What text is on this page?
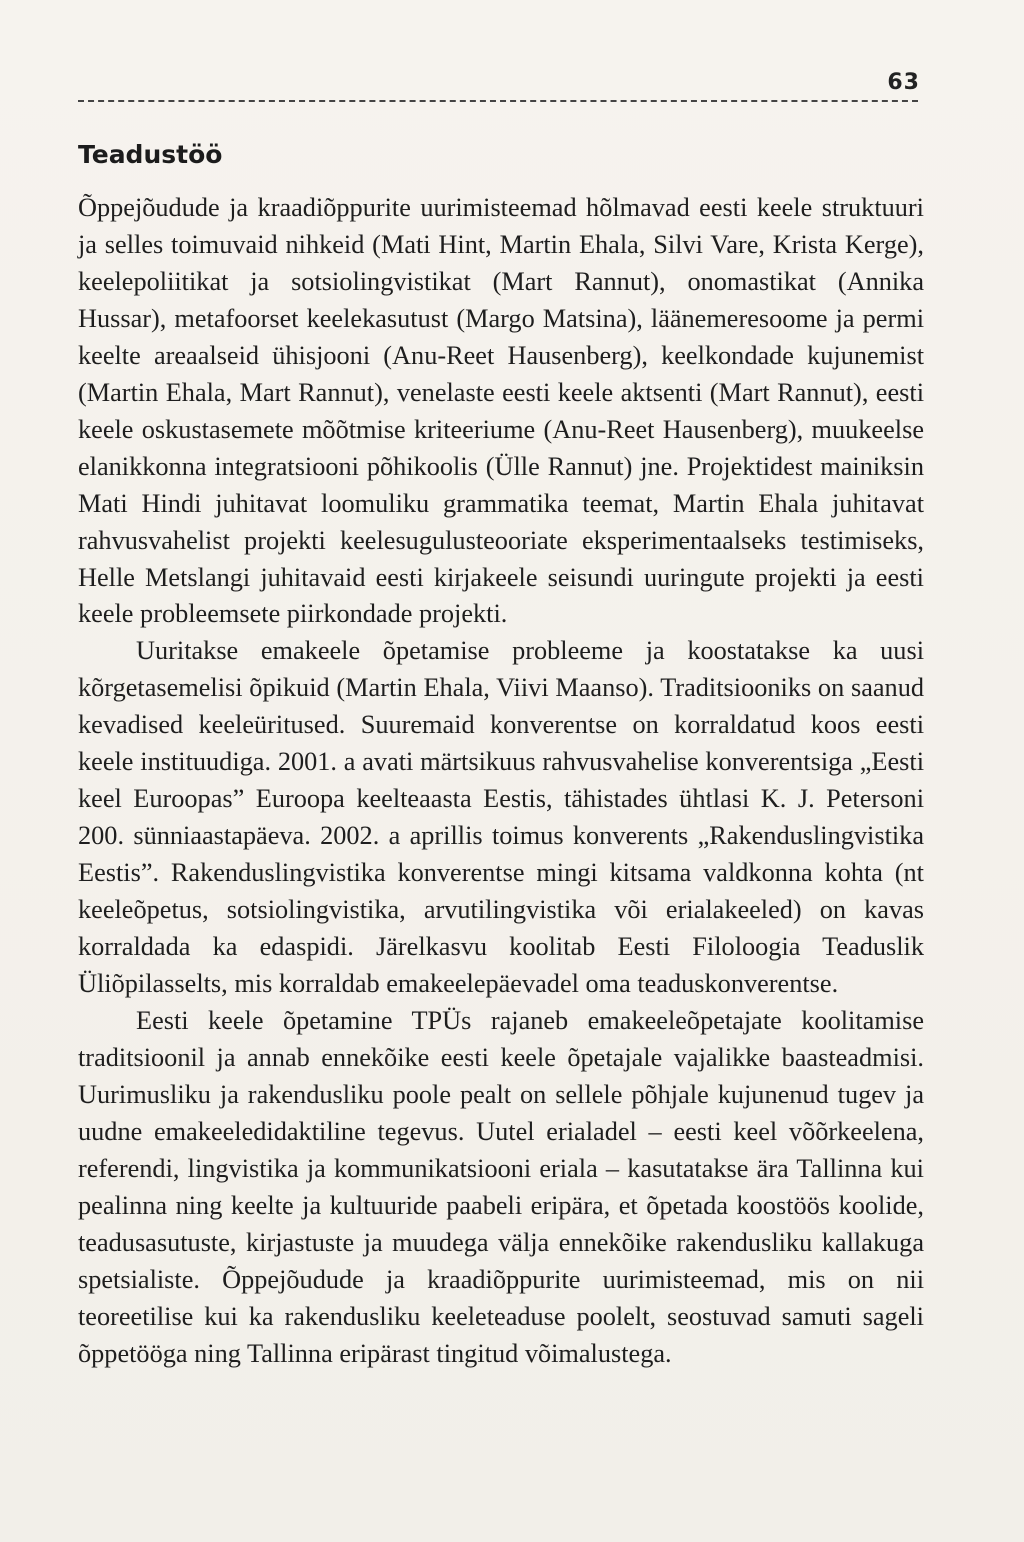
63
Teadustöö

Õppejõudude ja kraadiõppurite uurimisteemad hõlmavad eesti keele struktuuri ja selles toimuvaid nihkeid (Mati Hint, Martin Ehala, Silvi Vare, Krista Kerge), keelepoliitikat ja sotsiolingvistikat (Mart Rannut), onomastikat (Annika Hussar), metafoorset keelekasutust (Margo Matsina), läänemeresoome ja permi keelte areaalseid ühisjooni (Anu-Reet Hausenberg), keelkondade kujunemist (Martin Ehala, Mart Rannut), venelaste eesti keele aktsenti (Mart Rannut), eesti keele oskustasemete mõõtmise kriteeriume (Anu-Reet Hausenberg), muukeelse elanikkonna integratsiooni põhikoolis (Ülle Rannut) jne. Projektidest mainiksin Mati Hindi juhitavat loomuliku grammatika teemat, Martin Ehala juhitavat rahvusvahelist projekti keelesugulusteooriate eksperimentaalseks testimiseks, Helle Metslangi juhitavaid eesti kirjakeele seisundi uuringute projekti ja eesti keele probleemsete piirkondade projekti.

Uuritakse emakeele õpetamise probleeme ja koostatakse ka uusi kõrgetasemelisi õpikuid (Martin Ehala, Viivi Maanso). Traditsiooniks on saanud kevadised keeleüritused. Suuremaid konverentse on korraldatud koos eesti keele instituudiga. 2001. a avati märtsikuus rahvusvahelise konverentsiga „Eesti keel Euroopas” Euroopa keelteaasta Eestis, tähistades ühtlasi K. J. Petersoni 200. sünniaastapäeva. 2002. a aprillis toimus konverents „Rakenduslingvistika Eestis”. Rakenduslingvistika konverentse mingi kitsama valdkonna kohta (nt keeleõpetus, sotsiolingvistika, arvutilingvistika või erialakeeled) on kavas korraldada ka edaspidi. Järelkasvu koolitab Eesti Filoloogia Teaduslik Üliõpilasselts, mis korraldab emakeelepäevadel oma teaduskonverentse.

Eesti keele õpetamine TPÜs rajaneb emakeeleõpetajate koolitamise traditsioonil ja annab ennekõike eesti keele õpetajale vajalikke baasteadmisi. Uurimusliku ja rakendusliku poole pealt on sellele põhjale kujunenud tugev ja uudne emakeeledidaktiline tegevus. Uutel erialadel – eesti keel võõrkeelena, referendi, lingvistika ja kommunikatsiooni eriala – kasutatakse ära Tallinna kui pealinna ning keelte ja kultuuride paabeli eripära, et õpetada koostöös koolide, teadusasutuste, kirjastuste ja muudega välja ennekõike rakendusliku kallakuga spetsialiste. Õppejõudude ja kraadiõppurite uurimisteemad, mis on nii teoreetilise kui ka rakendusliku keeleteaduse poolelt, seostuvad samuti sageli õppetööga ning Tallinna eripärast tingitud võimalustega.
